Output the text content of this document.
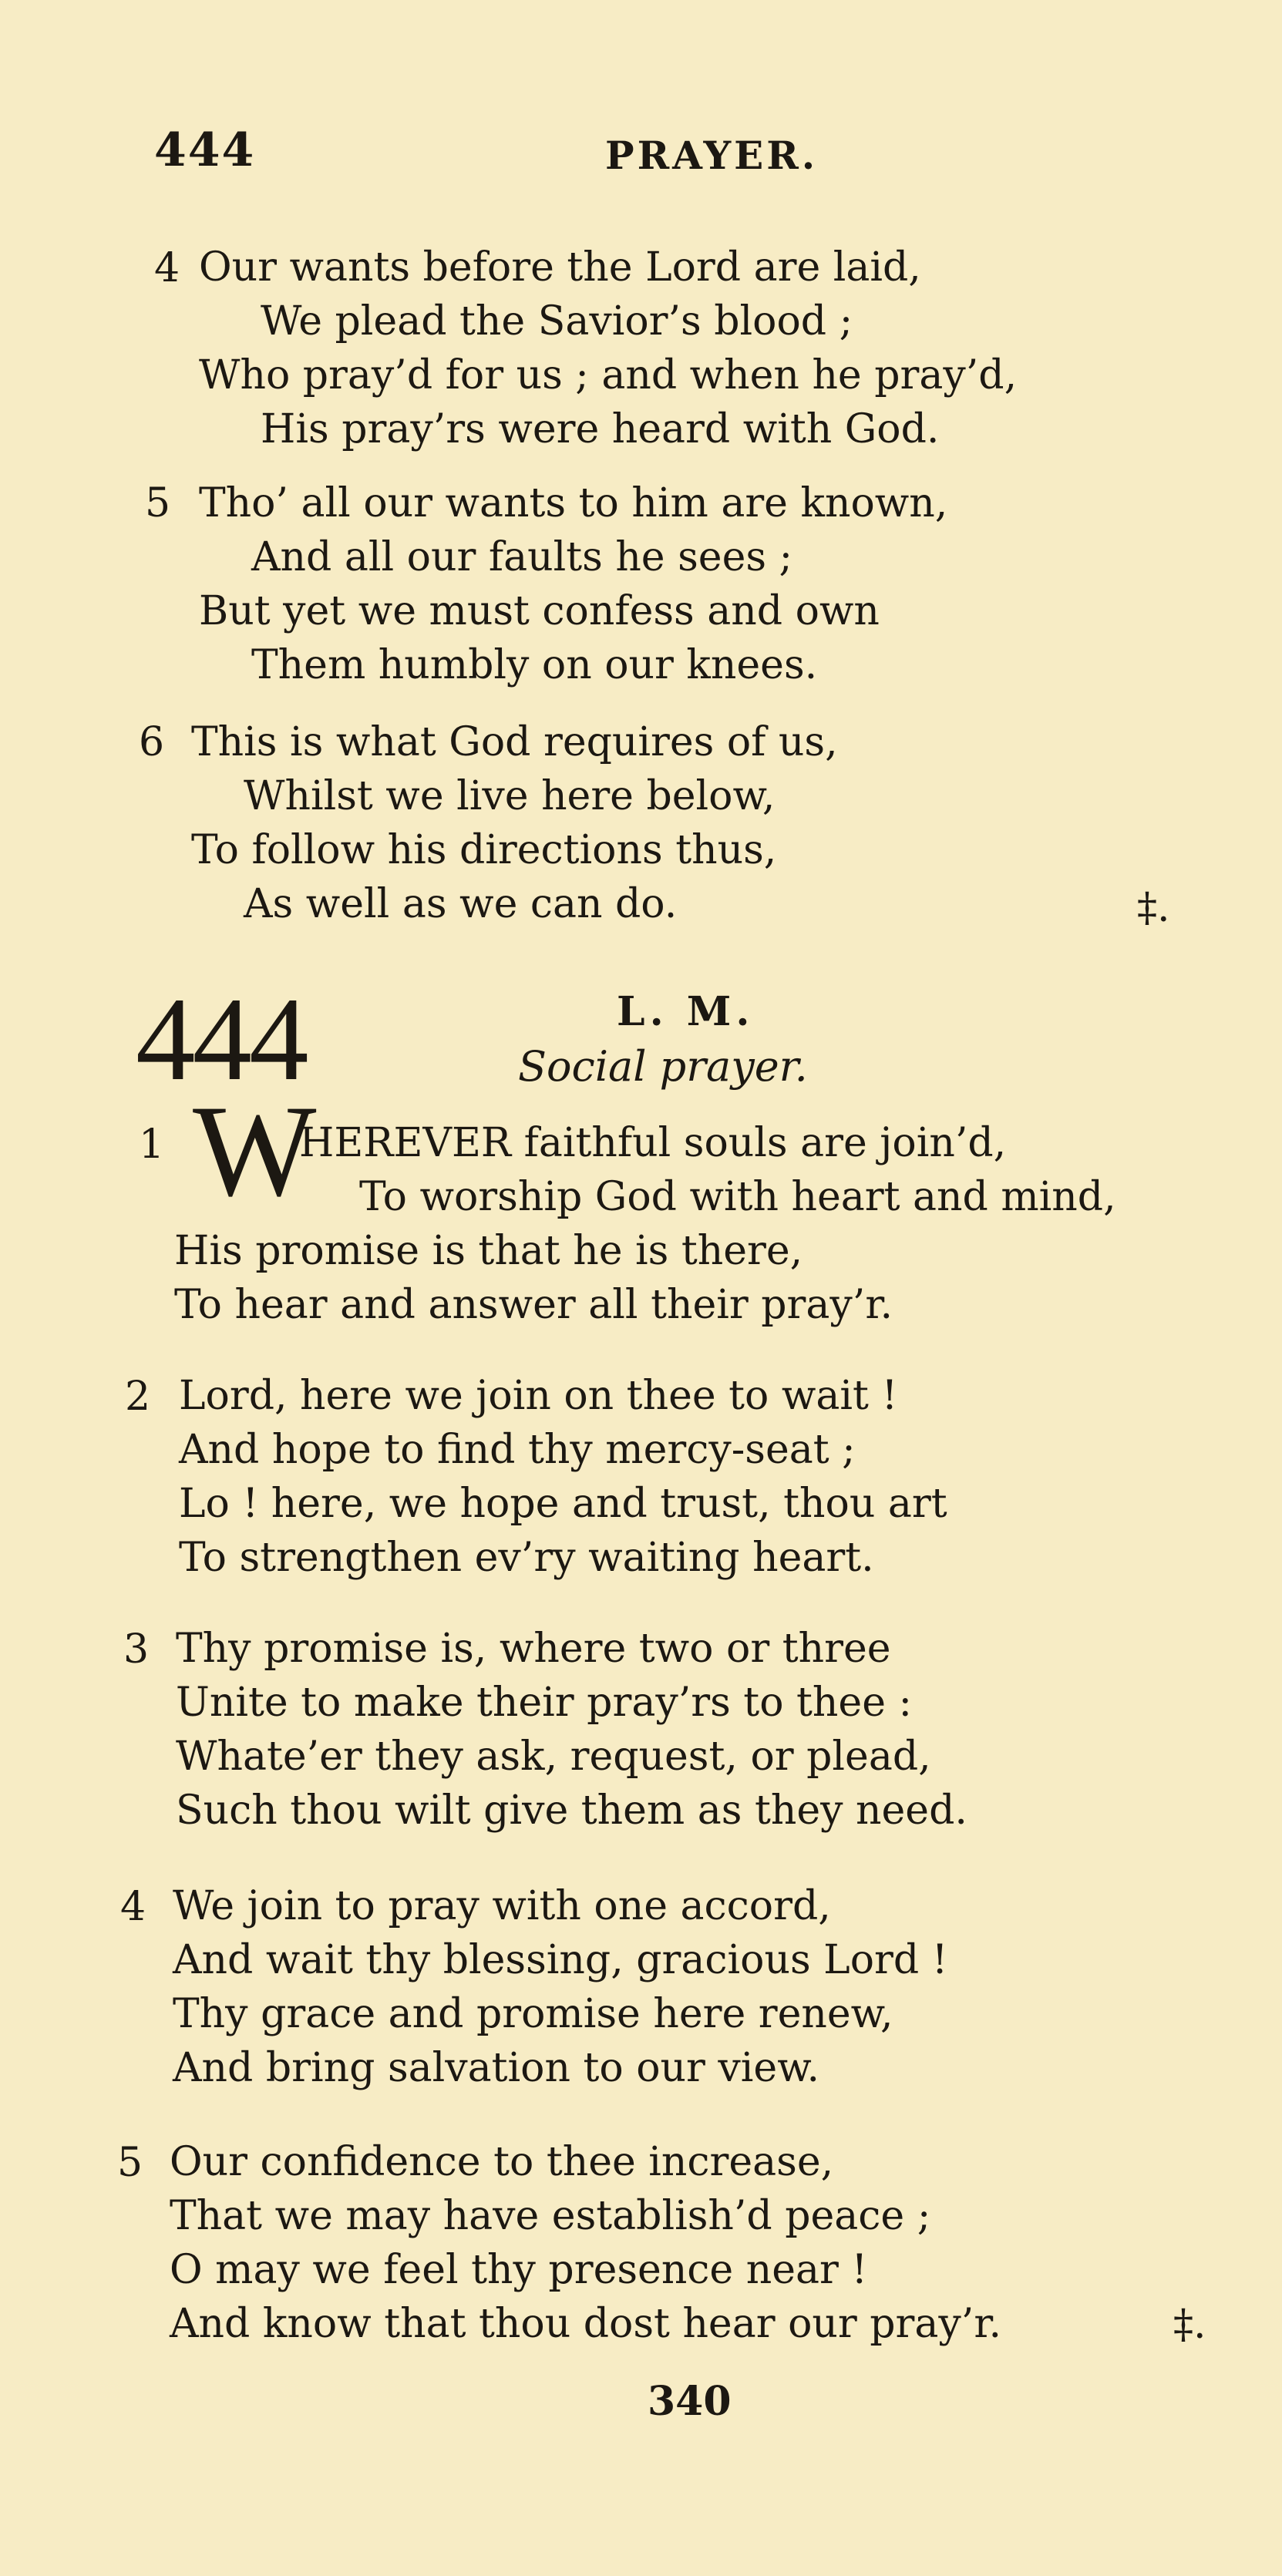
444	PRAYER.
4 Our wants before the Lord are laid,
We plead the Savior’s blood ;
Who pray’d for us ; and when he pray’d,
His pray’rs were heard with God.
5 Tho’ all our wants to him are known,
And all our faults he sees ;
But yet we must confess and own
Them humbly on our knees.
6 This is what God requires of us,
Whilst we live here below,
To follow his directions thus,
As well as we can do.	‡.
444	L. M.
Social prayer.
1 W
HEREVER faithful souls are join’d,
To worship God with heart and mind,
His promise is that he is there,
To hear and answer all their pray’r.
2 Lord, here we join on thee to wait !
And hope to find thy mercy-seat ;
Lo ! here, we hope and trust, thou art
To strengthen ev’ry waiting heart.
3 Thy promise is, where two or three
Unite to make their pray’rs to thee :
Whate’er they ask, request, or plead,
Such thou wilt give them as they need.
4 We join to pray with one accord,
And wait thy blessing, gracious Lord !
Thy grace and promise here renew,
And bring salvation to our view.
5 Our confidence to thee increase,
That we may have establish’d peace ;
O may we feel thy presence near !
And know that thou dost hear our pray’r.	‡.
340
